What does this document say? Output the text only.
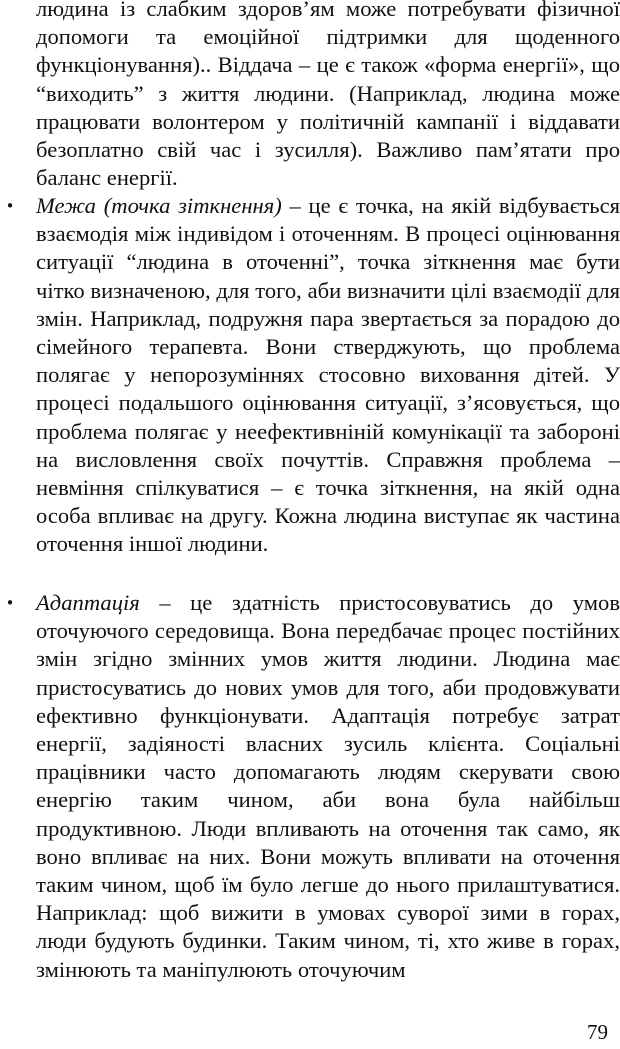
людина із слабким здоров’ям може потребувати фізичної допомоги та емоційної підтримки для щоденного функціонування).. Віддача – це є також «форма енергії», що “виходить” з життя людини. (Наприклад, людина може працювати волонтером у політичній кампанії і віддавати безоплатно свій час і зусилля). Важливо пам’ятати про баланс енергії.

• Межа (точка зіткнення) – це є точка, на якій відбувається взаємодія між індивідом і оточенням. В процесі оцінювання ситуації “людина в оточенні”, точка зіткнення має бути чітко визначеною, для того, аби визначити цілі взаємодії для змін. Наприклад, подружня пара звертається за порадою до сімейного терапевта. Вони стверджують, що проблема полягає у непорозуміннях стосовно виховання дітей. У процесі подальшого оцінювання ситуації, з’ясовується, що проблема полягає у неефективніній комунікації та забороні на висловлення своїх почуттів. Справжня проблема – невміння спілкуватися – є точка зіткнення, на якій одна особа впливає на другу. Кожна людина виступає як частина оточення іншої людини.

• Адаптація – це здатність пристосовуватись до умов оточуючого середовища. Вона передбачає процес постійних змін згідно змінних умов життя людини. Людина має пристосуватись до нових умов для того, аби продовжувати ефективно функціонувати. Адаптація потребує затрат енергії, задіяності власних зусиль клієнта. Соціальні працівники часто допомагають людям скерувати свою енергію таким чином, аби вона була найбільш продуктивною. Люди впливають на оточення так само, як воно впливає на них. Вони можуть впливати на оточення таким чином, щоб їм було легше до нього прилаштуватися. Наприклад: щоб вижити в умовах суворої зими в горах, люди будують будинки. Таким чином, ті, хто живе в горах, змінюють та маніпулюють оточуючим

79
